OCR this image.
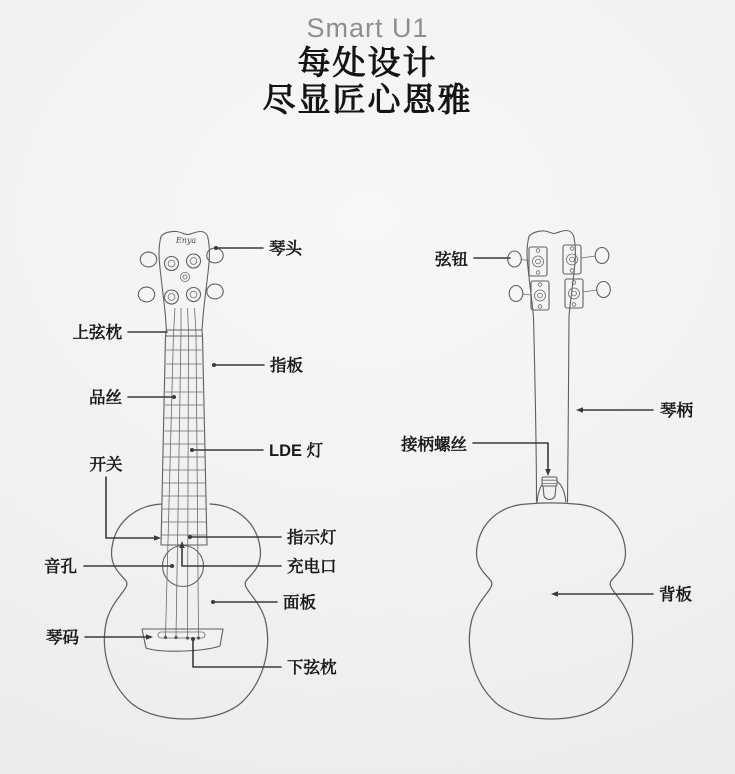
Smart U1
每处设计
尽显匠心恩雅
Enya	琴头
上弦枕
指板
品丝
LDE 灯
开关
指示灯
音孔	充电口
面板
琴码
下弦枕
弦钮
琴柄
接柄螺丝
背板
